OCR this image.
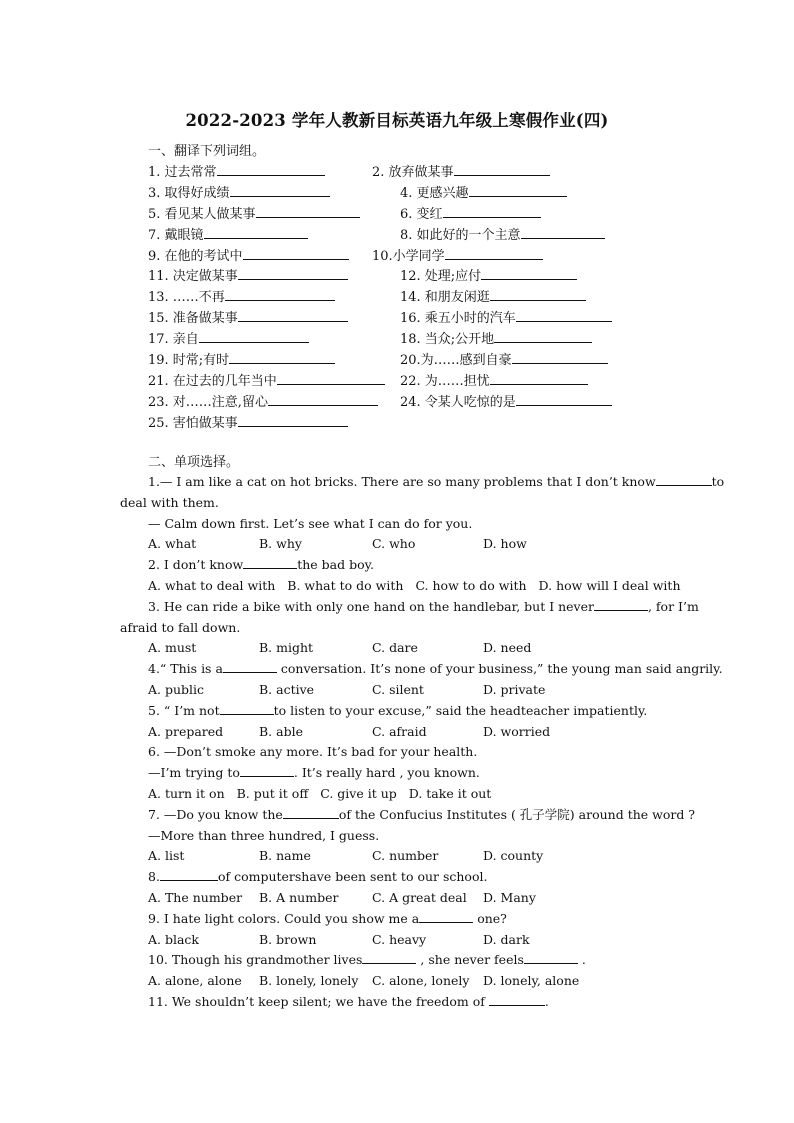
2022-2023 学年人教新目标英语九年级上寒假作业(四)
一、翻译下列词组。
1. 过去常常	2. 放弃做某事
3. 取得好成绩	4. 更感兴趣
5. 看见某人做某事	6. 变红
7. 戴眼镜	8. 如此好的一个主意
9. 在他的考试中	10.小学同学
11. 决定做某事	12. 处理;应付
13. ……不再	14. 和朋友闲逛
15. 准备做某事	16. 乘五小时的汽车
17. 亲自	18. 当众;公开地
19. 时常;有时	20.为……感到自豪
21. 在过去的几年当中	22. 为……担忧
23. 对……注意,留心	24. 令某人吃惊的是
25. 害怕做某事
二、单项选择。
1.— I am like a cat on hot bricks. There are so many problems that I don’t know	to
deal with them.
— Calm down first. Let’s see what I can do for you.
A. what	B. why	C. who	D. how
2. I don’t know	the bad boy.
A. what to deal with B. what to do with C. how to do with D. how will I deal with
3. He can ride a bike with only one hand on the handlebar, but I never	, for I’m
afraid to fall down.
A. must	B. might	C. dare	D. need
4.“ This is a	conversation. It’s none of your business,” the young man said angrily.
A. public	B. active	C. silent	D. private
5. “ I’m not	to listen to your excuse,” said the headteacher impatiently.
A. prepared	B. able	C. afraid	D. worried
6. —Don’t smoke any more. It’s bad for your health.
—I’m trying to	. It’s really hard , you known.
A. turn it on B. put it off C. give it up D. take it out
7. —Do you know the	of the Confucius Institutes ( 孔子学院) around the word ?
—More than three hundred, I guess.
A. list	B. name	C. number	D. county
8.	of computershave been sent to our school.
A. The number B. A number	C. A great deal D. Many
9. I hate light colors. Could you show me a	one?
A. black	B. brown	C. heavy	D. dark
10. Though his grandmother lives	, she never feels	.
A. alone, alone B. lonely, lonely C. alone, lonely D. lonely, alone
11. We shouldn’t keep silent; we have the freedom of	.
